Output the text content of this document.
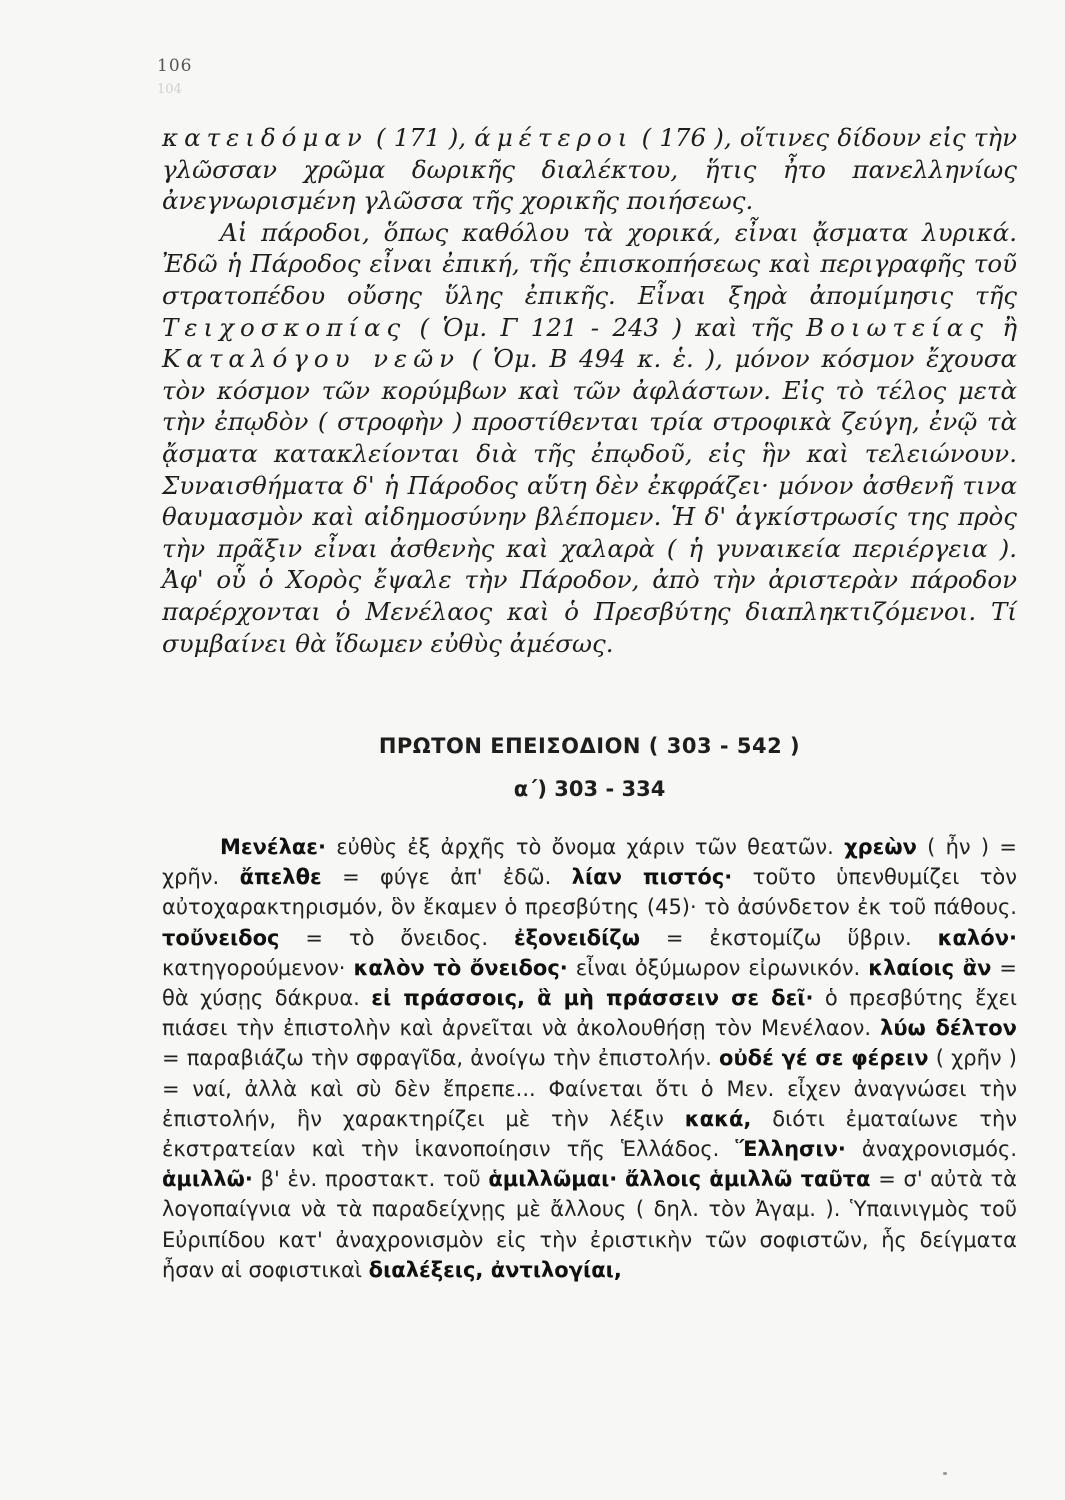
106
104

κατειδόμαν ( 171 ), άμέτεροι ( 176 ), οἵτινες δίδουν εἰς τὴν γλῶσσαν χρῶμα δωρικῆς διαλέκτου, ἥτις ἦτο πανελληνίως ἀνεγνωρισμένη γλῶσσα τῆς χορικῆς ποιήσεως.

Αἱ πάροδοι, ὅπως καθόλου τὰ χορικά, εἶναι ᾄσματα λυρικά. Ἐδῶ ἡ Πάροδος εἶναι ἐπική, τῆς ἐπισκοπήσεως καὶ περιγραφῆς τοῦ στρατοπέδου οὔσης ὕλης ἐπικῆς. Εἶναι ξηρὰ ἀπομίμησις τῆς Τειχοσκοπίας ( Ὁμ. Γ 121 - 243 ) καὶ τῆς Βοιωτείας ἢ Καταλόγου νεῶν ( Ὁμ. Β 494 κ. ἑ. ), μόνον κόσμον ἔχουσα τὸν κόσμον τῶν κορύμβων καὶ τῶν ἀφλάστων. Εἰς τὸ τέλος μετὰ τὴν ἐπῳδὸν ( στροφὴν ) προστίθενται τρία στροφικὰ ζεύγη, ἐνῷ τὰ ᾄσματα κατακλείονται διὰ τῆς ἐπῳδοῦ, εἰς ἣν καὶ τελειώνουν. Συναισθήματα δ' ἡ Πάροδος αὕτη δὲν ἐκφράζει· μόνον ἀσθενῆ τινα θαυμασμὸν καὶ αἰδημοσύνην βλέπομεν. Ἡ δ' ἀγκίστρωσίς της πρὸς τὴν πρᾶξιν εἶναι ἀσθενὴς καὶ χαλαρὰ ( ἡ γυναικεία περιέργεια ). Ἀφ' οὗ ὁ Χορὸς ἔψαλε τὴν Πάροδον, ἀπὸ τὴν ἀριστερὰν πάροδον παρέρχονται ὁ Μενέλαος καὶ ὁ Πρεσβύτης διαπληκτιζόμενοι. Τί συμβαίνει θὰ ἴδωμεν εὐθὺς ἀμέσως.

ΠΡΩΤΟΝ ΕΠΕΙΣΟΔΙΟΝ ( 303 - 542 )
α΄) 303 - 334

Μενέλαε· εὐθὺς ἐξ ἀρχῆς τὸ ὄνομα χάριν τῶν θεατῶν. χρεὼν ( ἦν ) = χρῆν. ἄπελθε = φύγε ἀπ' ἐδῶ. λίαν πιστός· τοῦτο ὑπενθυμίζει τὸν αὐτοχαρακτηρισμόν, ὃν ἔκαμεν ὁ πρεσβύτης (45)· τὸ ἀσύνδετον ἐκ τοῦ πάθους. τοὔνειδος = τὸ ὄνειδος. ἐξονειδίζω = ἐκστομίζω ὕβριν. καλόν· κατηγορούμενον· καλὸν τὸ ὄνειδος· εἶναι ὀξύμωρον εἰρωνικόν. κλαίοις ἂν = θὰ χύσῃς δάκρυα. εἰ πράσσοις, ἃ μὴ πράσσειν σε δεῖ· ὁ πρεσβύτης ἔχει πιάσει τὴν ἐπιστολὴν καὶ ἀρνεῖται νὰ ἀκολουθήσῃ τὸν Μενέλαον. λύω δέλτον = παραβιάζω τὴν σφραγῖδα, ἀνοίγω τὴν ἐπιστολήν. οὐδέ γέ σε φέρειν ( χρῆν ) = ναί, ἀλλὰ καὶ σὺ δὲν ἔπρεπε... Φαίνεται ὅτι ὁ Μεν. εἶχεν ἀναγνώσει τὴν ἐπιστολήν, ἣν χαρακτηρίζει μὲ τὴν λέξιν κακά, διότι ἐματαίωνε τὴν ἐκστρατείαν καὶ τὴν ἱκανοποίησιν τῆς Ἑλλάδος. Ἕλλησιν· ἀναχρονισμός. ἁμιλλῶ· β' ἑν. προστακτ. τοῦ ἁμιλλῶμαι· ἄλλοις ἁμιλλῶ ταῦτα = σ' αὐτὰ τὰ λογοπαίγνια νὰ τὰ παραδείχνῃς μὲ ἄλλους ( δηλ. τὸν Ἀγαμ. ). Ὑπαινιγμὸς τοῦ Εὐριπίδου κατ' ἀναχρονισμὸν εἰς τὴν ἐριστικὴν τῶν σοφιστῶν, ἧς δείγματα ἦσαν αἱ σοφιστικαὶ διαλέξεις, ἀντιλογίαι,
